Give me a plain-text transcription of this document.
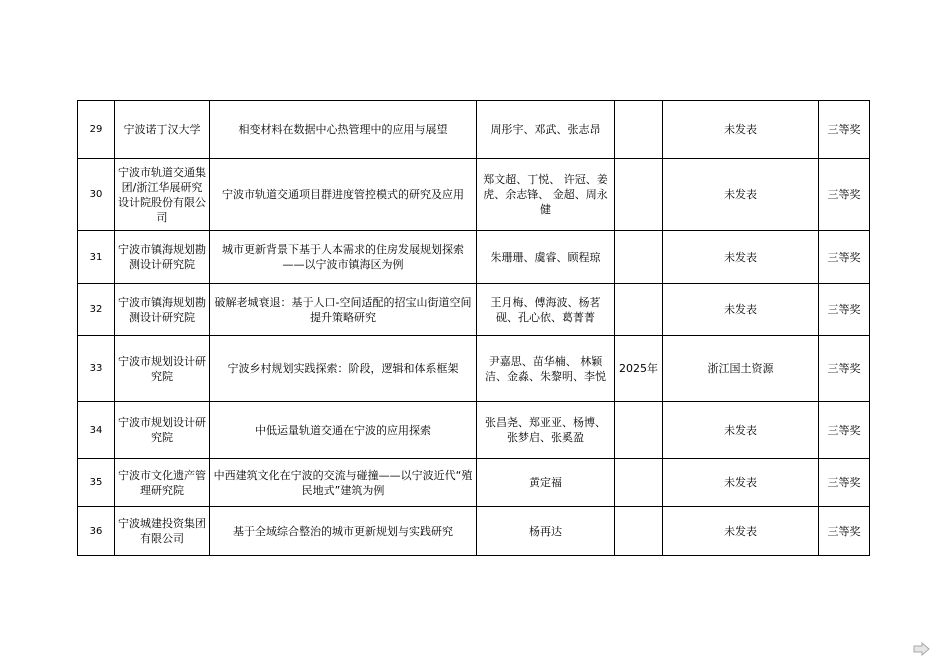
29	宁波诺丁汉大学	相变材料在数据中心热管理中的应用与展望	周彤宇、邓武、张志昂		未发表	三等奖
30	宁波市轨道交通集团/浙江华展研究设计院股份有限公司	宁波市轨道交通项目群进度管控模式的研究及应用	郑文超、丁悦、 许冠、姜虎、余志锋、 金超、周永健		未发表	三等奖
31	宁波市镇海规划勘测设计研究院	城市更新背景下基于人本需求的住房发展规划探索——以宁波市镇海区为例	朱珊珊、虞睿、顾程琼		未发表	三等奖
32	宁波市镇海规划勘测设计研究院	破解老城衰退：基于人口-空间适配的招宝山街道空间提升策略研究	王月梅、傅海波、杨茗砚、孔心依、葛菁菁		未发表	三等奖
33	宁波市规划设计研究院	宁波乡村规划实践探索：阶段，逻辑和体系框架	尹嘉思、苗华楠、 林颖洁、金淼、朱黎明、李悦	2025年	浙江国土资源	三等奖
34	宁波市规划设计研究院	中低运量轨道交通在宁波的应用探索	张昌尧、郑亚亚、杨博、张梦启、张奚盈		未发表	三等奖
35	宁波市文化遗产管理研究院	中西建筑文化在宁波的交流与碰撞——以宁波近代“殖民地式”建筑为例	黄定福		未发表	三等奖
36	宁波城建投资集团有限公司	基于全域综合整治的城市更新规划与实践研究	杨再达		未发表	三等奖
